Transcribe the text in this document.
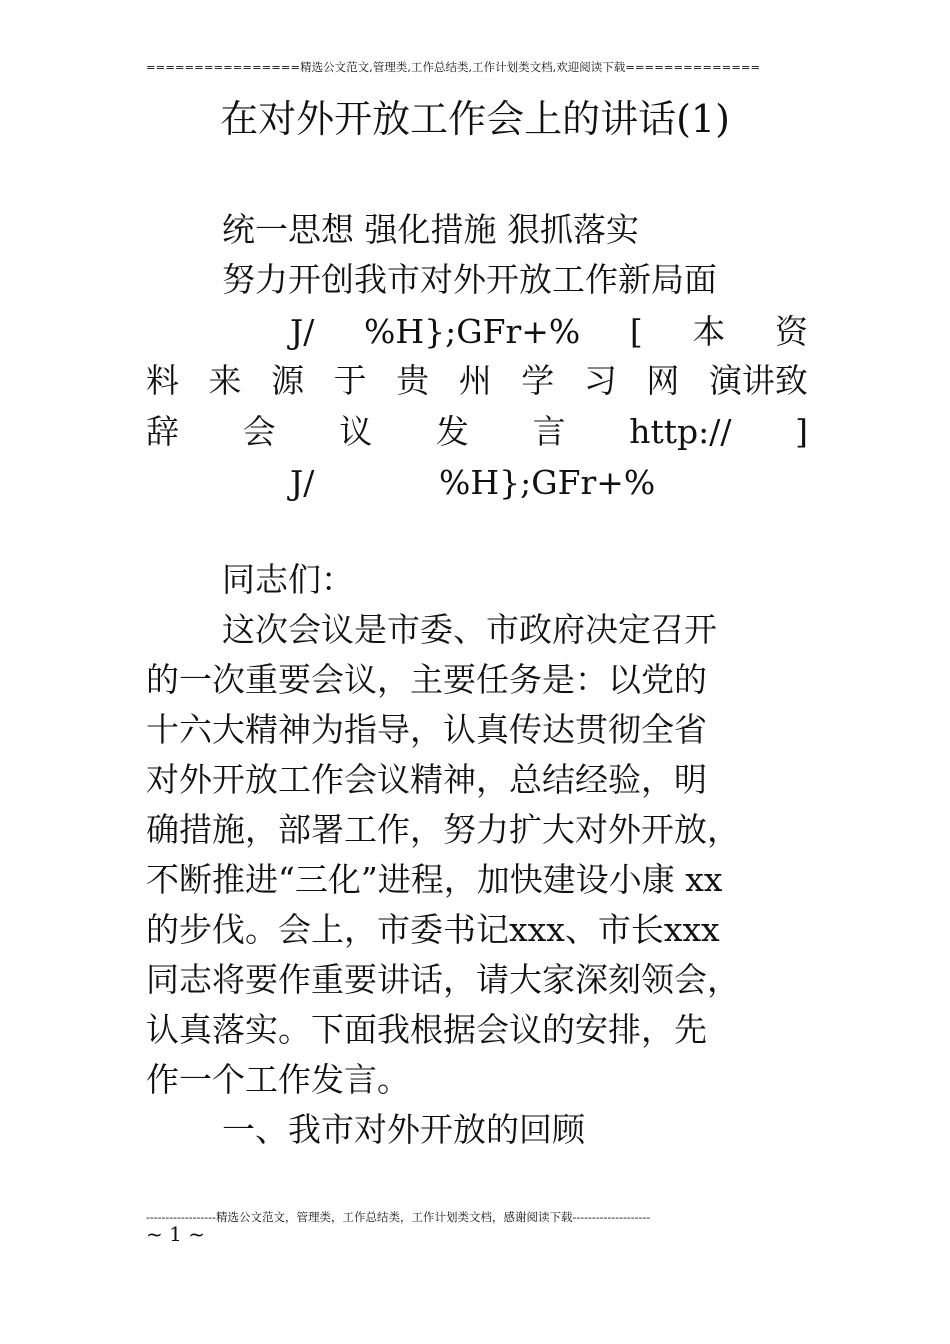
================精选公文范文,管理类,工作总结类,工作计划类文档,欢迎阅读下载==============
在对外开放工作会上的讲话(1)
统一思想 强化措施 狠抓落实
努力开创我市对外开放工作新局面
J/ %H};GFr+% [ 本 资
料 来 源 于 贵 州 学 习 网 演讲致
辞 会 议 发 言 http:// ]
J/	%H};GFr+%
同志们：
这次会议是市委、市政府决定召开
的一次重要会议，主要任务是：以党的
十六大精神为指导，认真传达贯彻全省
对外开放工作会议精神，总结经验，明
确措施，部署工作，努力扩大对外开放，
不断推进“三化”进程，加快建设小康 xx
的步伐。会上，市委书记xxx、市长xxx
同志将要作重要讲话，请大家深刻领会，
认真落实。下面我根据会议的安排，先
作一个工作发言。
一、我市对外开放的回顾
------------------精选公文范文，管理类，工作总结类，工作计划类文档，感谢阅读下载--------------------
~ 1 ~
